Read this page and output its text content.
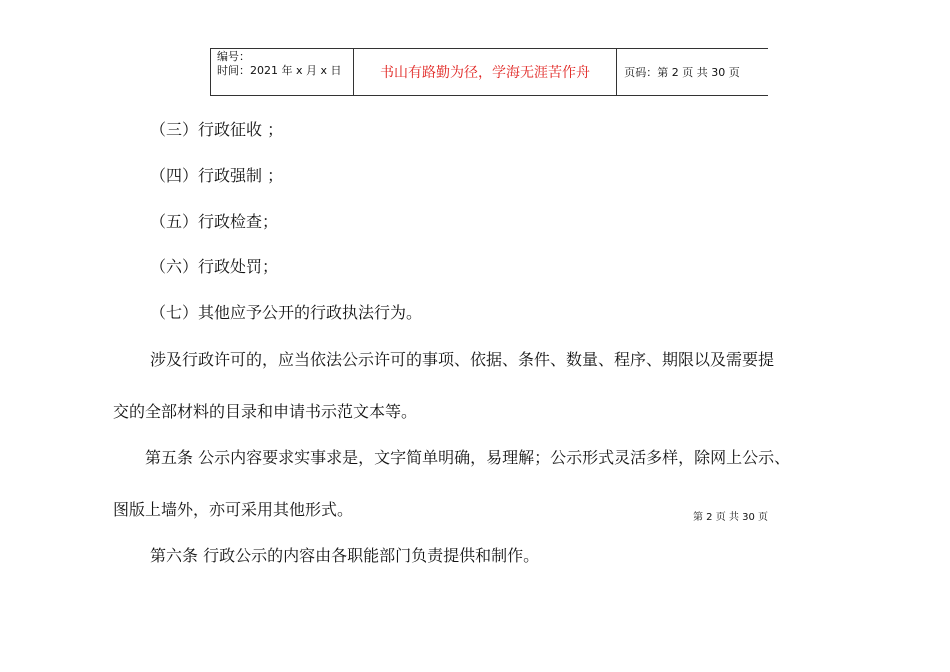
编号：
时间：2021 年 x 月 x 日	书山有路勤为径，学海无涯苦作舟	页码：第 2 页 共 30 页
（三）行政征收 ；
（四）行政强制 ；
（五）行政检查；
（六）行政处罚；
（七）其他应予公开的行政执法行为。
涉及行政许可的，应当依法公示许可的事项、依据、条件、数量、程序、期限以及需要提
交的全部材料的目录和申请书示范文本等。
第五条 公示内容要求实事求是，文字简单明确，易理解；公示形式灵活多样，除网上公示、
图版上墙外，亦可采用其他形式。	第 2 页 共 30 页
第六条 行政公示的内容由各职能部门负责提供和制作。
